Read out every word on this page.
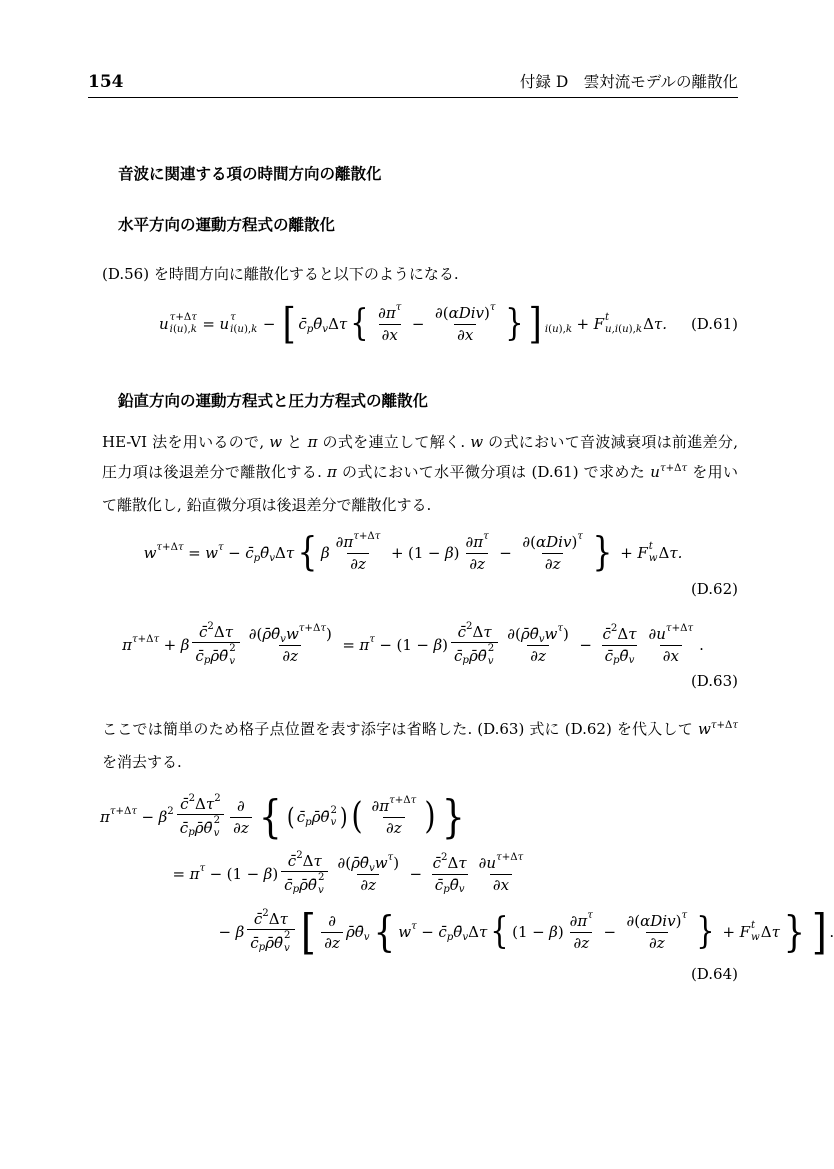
154	付録 D　雲対流モデルの離散化
音波に関連する項の時間方向の離散化
水平方向の運動方程式の離散化

(D.56) を時間方向に離散化すると以下のようになる.

u τ +Δ τ
i ( u ), k = u τ
i ( u ), k − [ c̄ p θ̄ v Δ τ { ∂π τ
∂x
−
∂ ( αDiv ) τ
∂x } ] i(u),k + F t
u,i ( u ), k Δ τ. (D.61)
鉛直方向の運動方程式と圧力方程式の離散化

HE-VI 法を用いるので, w と π の式を連立して解く. w の式において音波減衰項は前進差分, 圧力項は後退差分で離散化する. π の式において水平微分項は (D.61) で求めた $u^{\tau+\Delta\tau}$ を用いて離散化し, 鉛直微分項は後退差分で離散化する.

w τ+Δτ = w τ − c̄ p θ̄ v Δ τ { β
∂π τ+Δτ
∂z
+ (1 − β )
∂π τ
∂z
−
∂ ( αDiv ) τ
∂z } + F t
w Δ τ.
(D.62)
π τ+Δτ + β
c̄ 2 Δ τ
c̄ p ρ̄θ̄ 2
v
∂ ( ρ̄θ̄ v w τ+Δτ )
∂z
= π τ − (1 − β )
c̄ 2 Δ τ
c̄ p ρ̄θ̄ 2
v
∂ ( ρ̄θ̄ v w τ )
∂z
− $\frac{\text{c̄ 2 Δ τ}}{\text{c̄ p θ̄ v}} \partial u$ τ+Δτ
∂x
.
(D.63)

ここでは簡単のため格子点位置を表す添字は省略した. (D.63) 式に (D.62) を代入して $w^{\tau+\Delta\tau}$ を消去する.

π τ+Δτ − β 2 c̄ 2 Δ τ 2
c̄ p ρ̄θ̄ 2
v
∂
∂z { ( c̄ p ρ̄θ̄ 2
v ) ( ∂π τ+Δτ
∂z ) }
= π τ − (1 − β )
c̄ 2 Δ τ
c̄ p ρ̄θ̄ 2
v
∂ ( ρ̄θ̄ v w τ )
∂z
− $\frac{\text{c̄ 2 Δ τ}}{\text{c̄ p θ̄ v}} \partial u$ τ+Δτ
∂x
− β
c̄ 2 Δ τ
c̄ p ρ̄θ̄ 2
v [ ∂
∂z
ρ̄θ̄ v { w τ − c̄ p θ̄ v Δ τ { (1 − β )
∂π τ
∂z
−
∂ ( αDiv ) τ
∂z } + F t
w Δ τ } ] .
(D.64)
